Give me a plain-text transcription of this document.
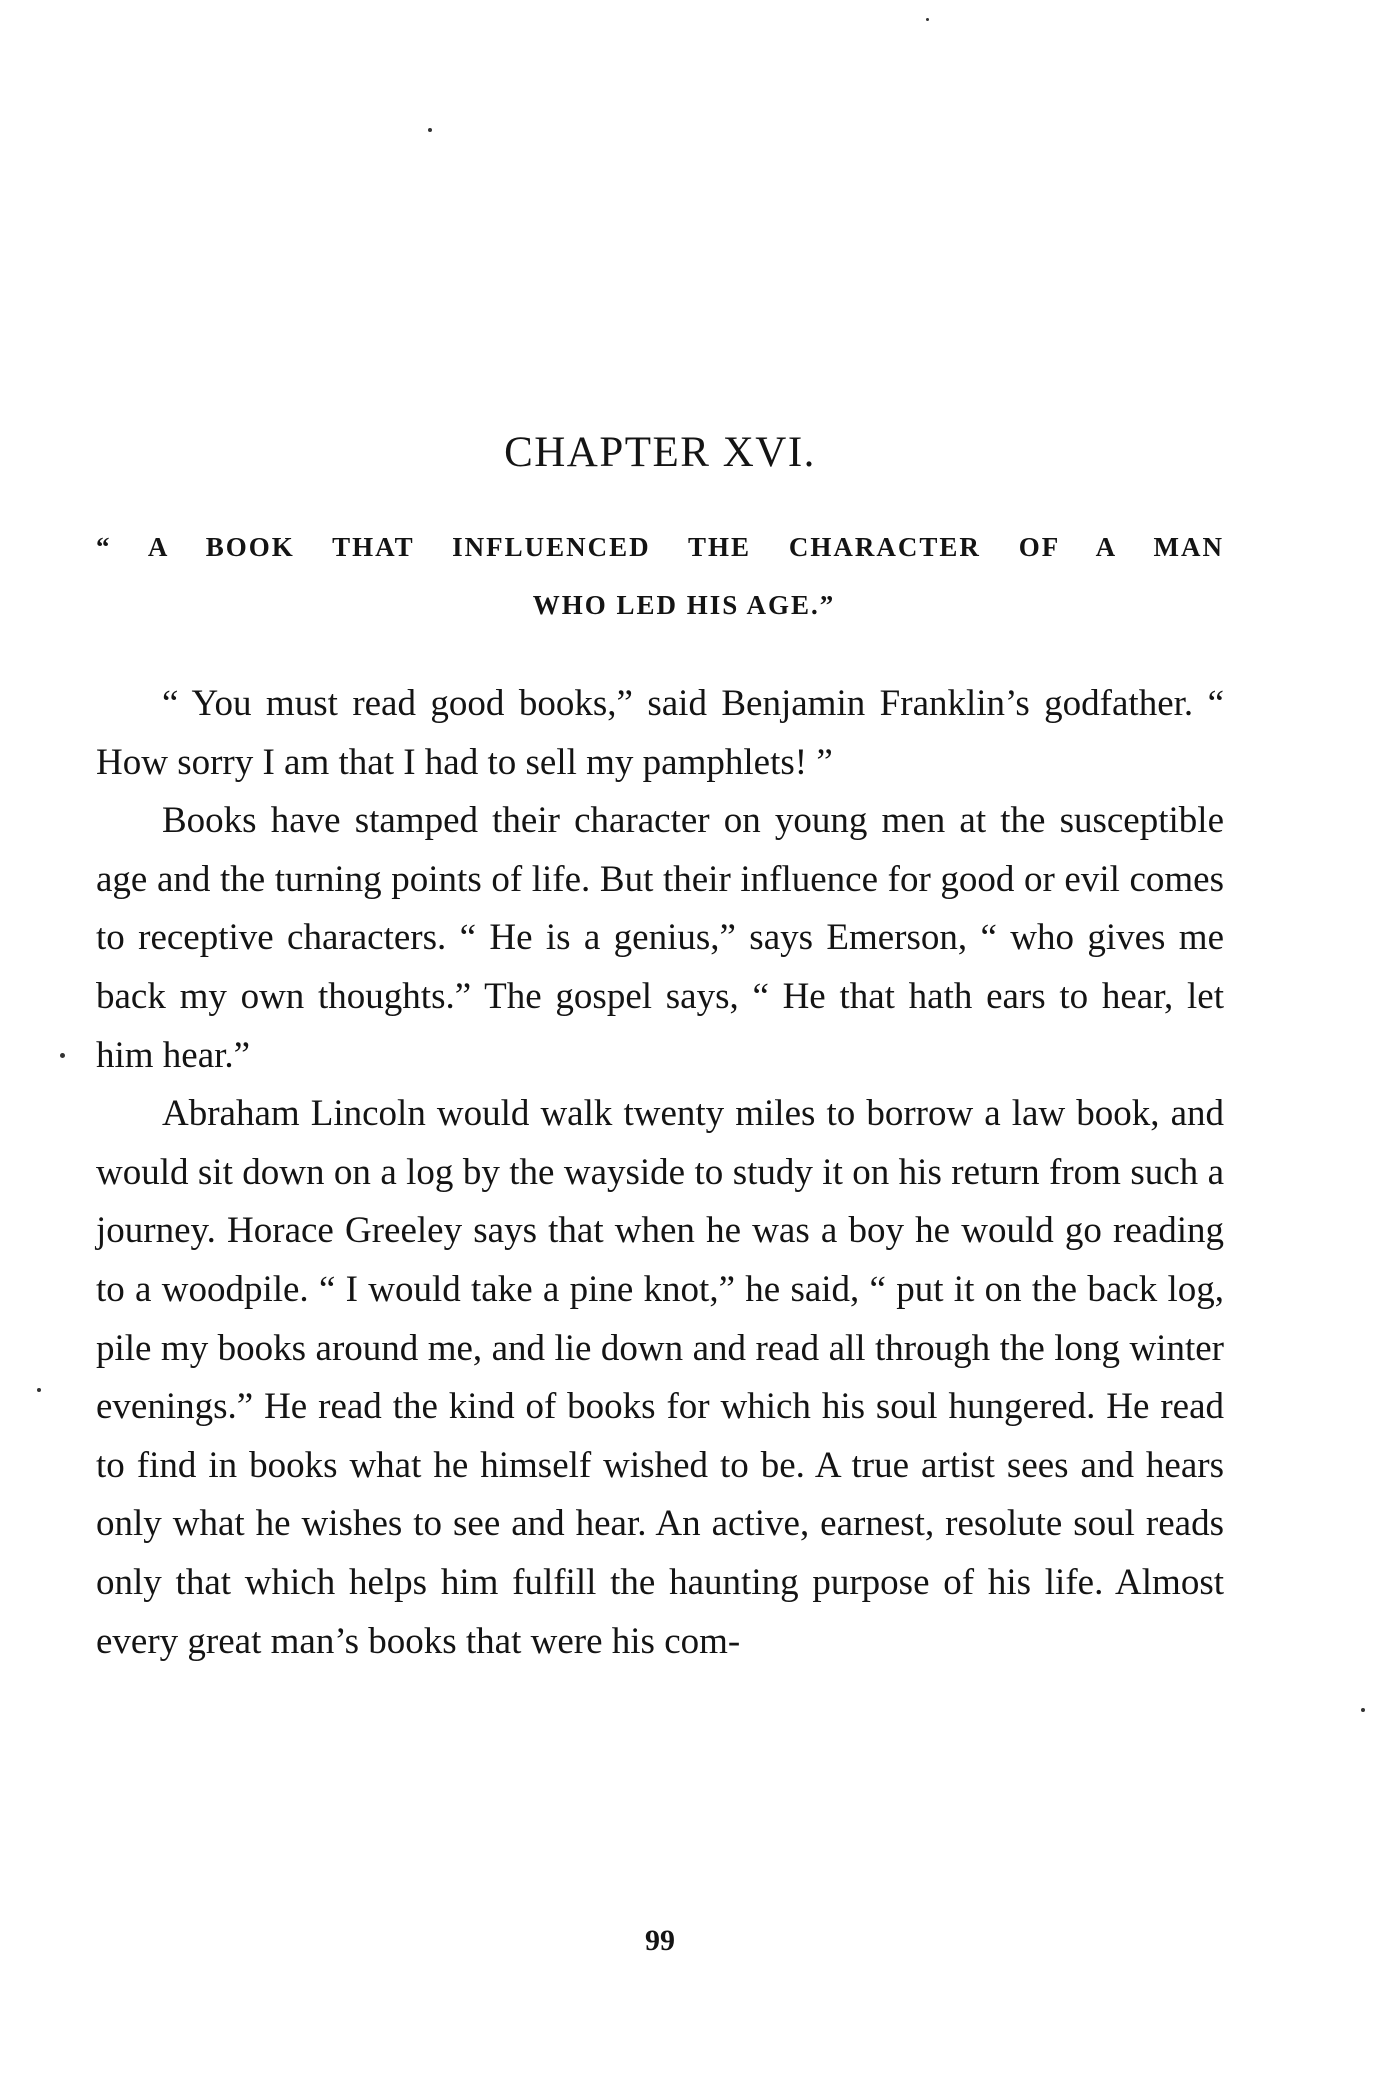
CHAPTER XVI.
“ A BOOK THAT INFLUENCED THE CHARACTER OF A MAN
WHO LED HIS AGE.”

“ You must read good books,” said Benjamin Franklin’s godfather. “ How sorry I am that I had to sell my pamphlets! ”

Books have stamped their character on young men at the susceptible age and the turning points of life. But their influence for good or evil comes to receptive characters. “ He is a genius,” says Emerson, “ who gives me back my own thoughts.” The gospel says, “ He that hath ears to hear, let him hear.”

Abraham Lincoln would walk twenty miles to borrow a law book, and would sit down on a log by the wayside to study it on his return from such a journey. Horace Greeley says that when he was a boy he would go reading to a woodpile. “ I would take a pine knot,” he said, “ put it on the back log, pile my books around me, and lie down and read all through the long winter evenings.” He read the kind of books for which his soul hungered. He read to find in books what he himself wished to be. A true artist sees and hears only what he wishes to see and hear. An active, earnest, resolute soul reads only that which helps him fulfill the haunting purpose of his life. Almost every great man’s books that were his com-

99
